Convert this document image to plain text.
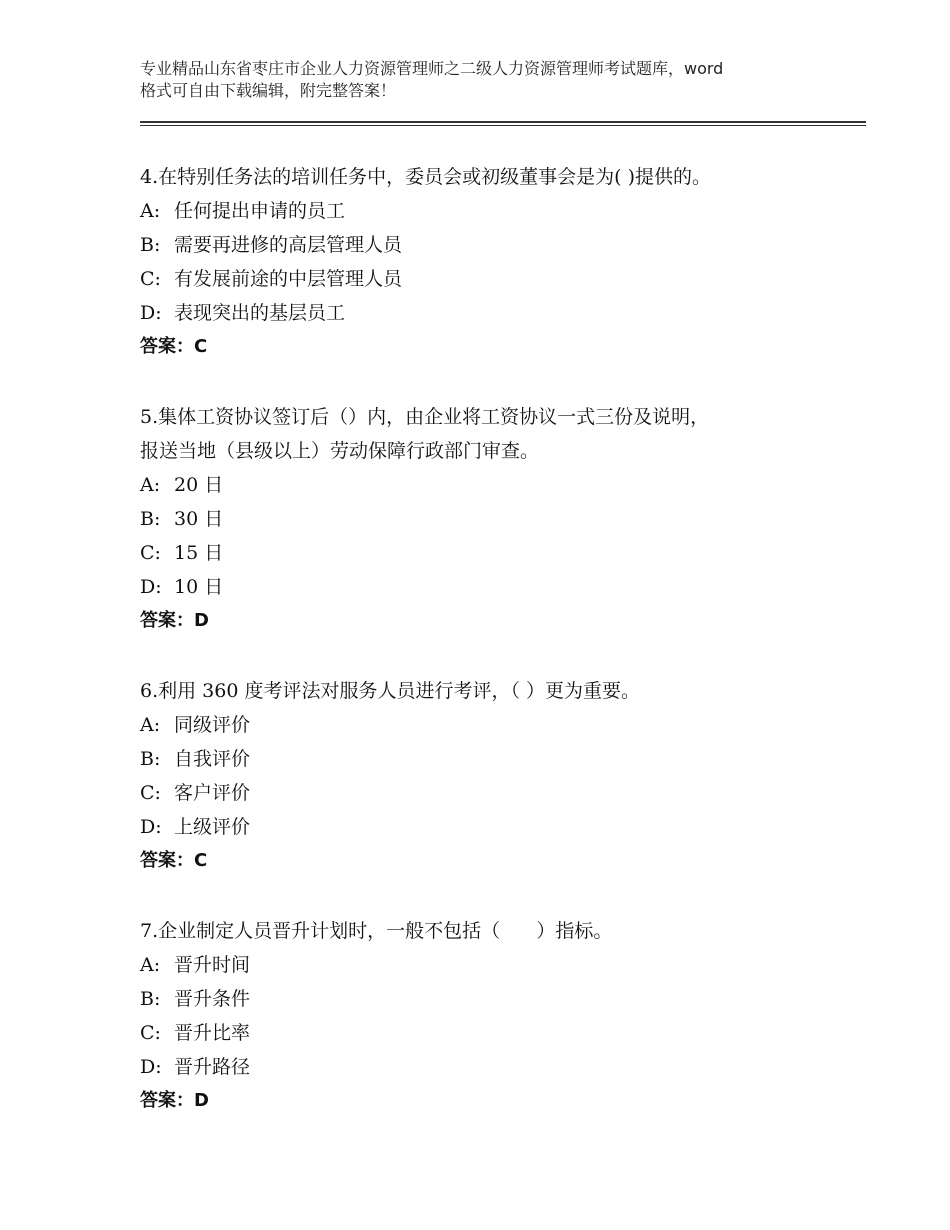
专业精品山东省枣庄市企业人力资源管理师之二级人力资源管理师考试题库，word
格式可自由下载编辑，附完整答案！
4.在特别任务法的培训任务中，委员会或初级董事会是为( )提供的。
A: 任何提出申请的员工
B: 需要再进修的高层管理人员
C: 有发展前途的中层管理人员
D: 表现突出的基层员工
答案：C
5.集体工资协议签订后（）内，由企业将工资协议一式三份及说明，
报送当地（县级以上）劳动保障行政部门审查。
A: 20 日
B: 30 日
C: 15 日
D: 10 日
答案：D
6.利用 360 度考评法对服务人员进行考评，（ ）更为重要。
A: 同级评价
B: 自我评价
C: 客户评价
D: 上级评价
答案：C
7.企业制定人员晋升计划时，一般不包括（      ）指标。
A: 晋升时间
B: 晋升条件
C: 晋升比率
D: 晋升路径
答案：D
